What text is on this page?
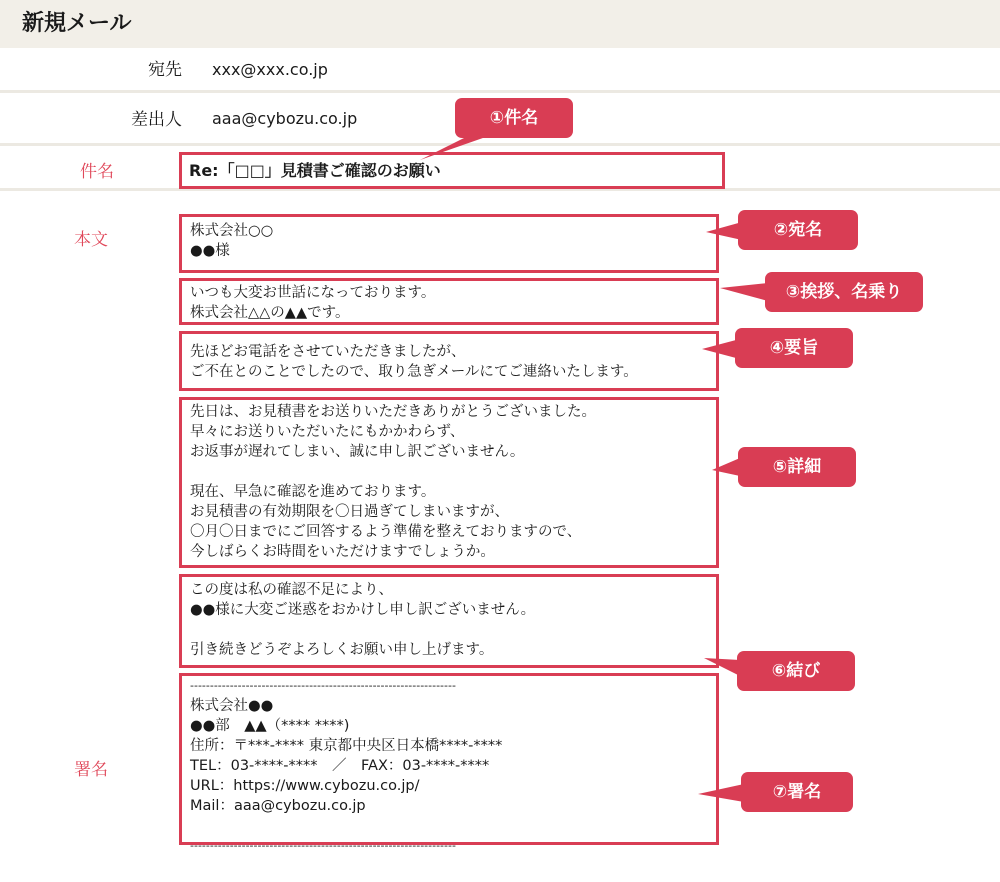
新規メール
宛先 xxx@xxx.co.jp
差出人 aaa@cybozu.co.jp
件名	Re:「□□」見積書ご確認のお願い
本文
署名
株式会社○○
●●様
いつも大変お世話になっております。
株式会社△△の▲▲です。
先ほどお電話をさせていただきましたが、
ご不在とのことでしたので、取り急ぎメールにてご連絡いたします。
先日は、お見積書をお送りいただきありがとうございました。
早々にお送りいただいたにもかかわらず、
お返事が遅れてしまい、誠に申し訳ございません。
現在、早急に確認を進めております。
お見積書の有効期限を〇日過ぎてしまいますが、
〇月〇日までにご回答するよう準備を整えておりますので、
今しばらくお時間をいただけますでしょうか。
この度は私の確認不足により、
●●様に大変ご迷惑をおかけし申し訳ございません。
引き続きどうぞよろしくお願い申し上げます。
-------------------------------------------------------------------
株式会社●●
●●部　▲▲（**** ****)
住所：〒***-**** 東京都中央区日本橋****-****
TEL：03-****-****　／　FAX：03-****-****
URL：https://www.cybozu.co.jp/
Mail：aaa@cybozu.co.jp
-------------------------------------------------------------------
①件名
②宛名
③挨拶、名乗り
④要旨
⑤詳細
⑥結び
⑦署名
